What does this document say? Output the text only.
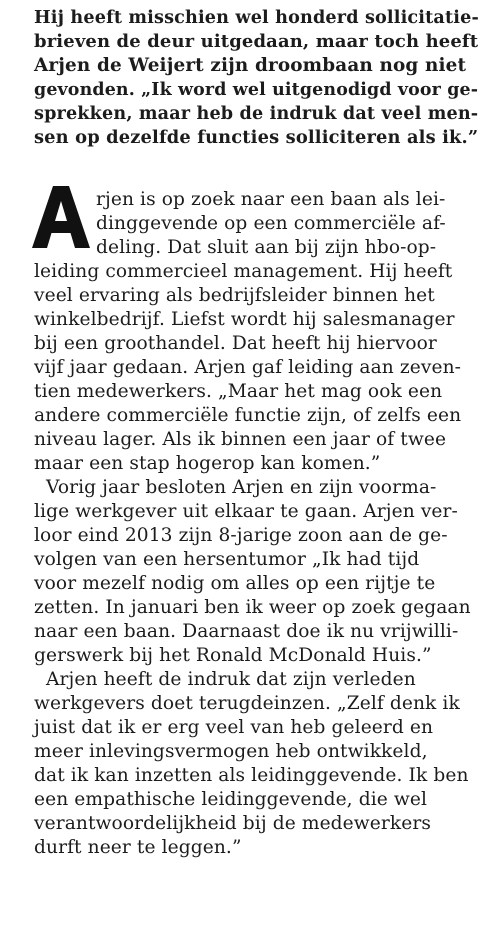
Hij heeft misschien wel honderd sollicitatie-
brieven de deur uitgedaan, maar toch heeft
Arjen de Weijert zijn droombaan nog niet
gevonden. „Ik word wel uitgenodigd voor ge-
sprekken, maar heb de indruk dat veel men-
sen op dezelfde functies solliciteren als ik.”
rjen is op zoek naar een baan als lei-
dinggevende op een commerciële af-
deling. Dat sluit aan bij zijn hbo-op-
leiding commercieel management. Hij heeft
veel ervaring als bedrijfsleider binnen het
winkelbedrijf. Liefst wordt hij salesmanager
bij een groothandel. Dat heeft hij hiervoor
vijf jaar gedaan. Arjen gaf leiding aan zeven-
tien medewerkers. „Maar het mag ook een
andere commerciële functie zijn, of zelfs een
niveau lager. Als ik binnen een jaar of twee
maar een stap hogerop kan komen.”
Vorig jaar besloten Arjen en zijn voorma-
lige werkgever uit elkaar te gaan. Arjen ver-
loor eind 2013 zijn 8-jarige zoon aan de ge-
volgen van een hersentumor „Ik had tijd
voor mezelf nodig om alles op een rijtje te
zetten. In januari ben ik weer op zoek gegaan
naar een baan. Daarnaast doe ik nu vrijwilli-
gerswerk bij het Ronald McDonald Huis.”
Arjen heeft de indruk dat zijn verleden
werkgevers doet terugdeinzen. „Zelf denk ik
juist dat ik er erg veel van heb geleerd en
meer inlevingsvermogen heb ontwikkeld,
dat ik kan inzetten als leidinggevende. Ik ben
een empathische leidinggevende, die wel
verantwoordelijkheid bij de medewerkers
durft neer te leggen.”
